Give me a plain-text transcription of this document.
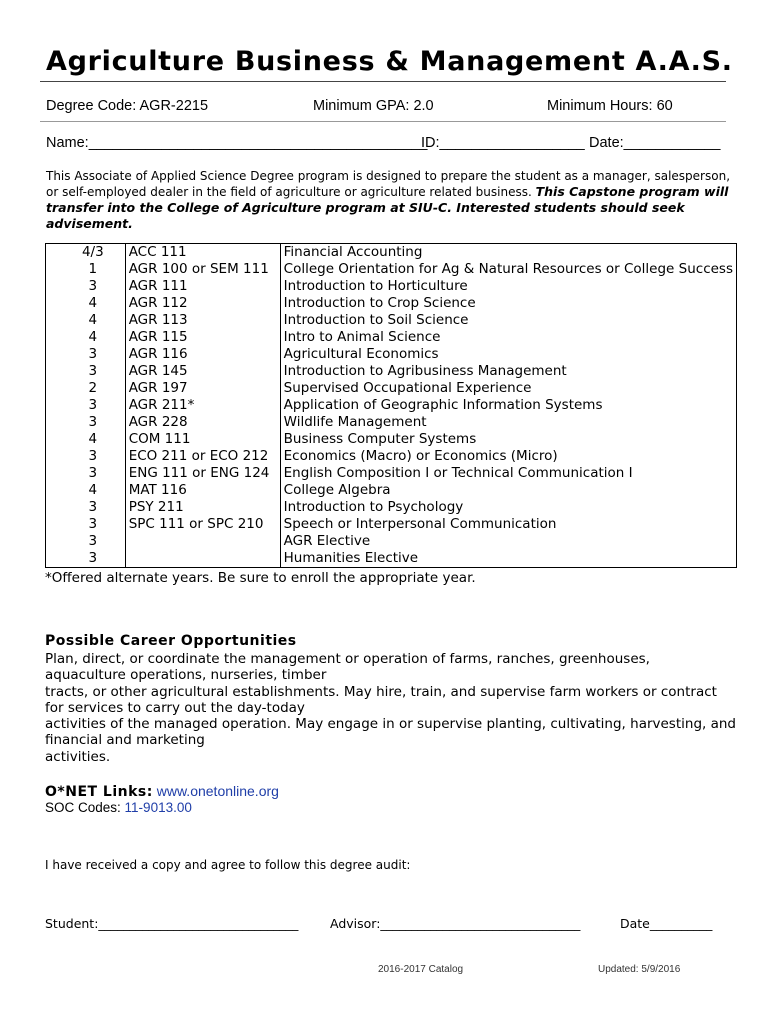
Agriculture Business & Management A.A.S.
Degree Code: AGR-2215	Minimum GPA: 2.0	Minimum Hours: 60
Name:__________________________________________
ID:__________________ Date:____________
This Associate of Applied Science Degree program is designed to prepare the student as a manager, salesperson, or self-employed dealer in the field of agriculture or agriculture related business. This Capstone program will transfer into the College of Agriculture program at SIU-C. Interested students should seek advisement.
4/3	ACC 111	Financial Accounting
1	AGR 100 or SEM 111	College Orientation for Ag & Natural Resources or College Success
3	AGR 111	Introduction to Horticulture
4	AGR 112	Introduction to Crop Science
4	AGR 113	Introduction to Soil Science
4	AGR 115	Intro to Animal Science
3	AGR 116	Agricultural Economics
3	AGR 145	Introduction to Agribusiness Management
2	AGR 197	Supervised Occupational Experience
3	AGR 211*	Application of Geographic Information Systems
3	AGR 228	Wildlife Management
4	COM 111	Business Computer Systems
3	ECO 211 or ECO 212	Economics (Macro) or Economics (Micro)
3	ENG 111 or ENG 124	English Composition I or Technical Communication I
4	MAT 116	College Algebra
3	PSY 211	Introduction to Psychology
3	SPC 111 or SPC 210	Speech or Interpersonal Communication
3		AGR Elective
3		Humanities Elective
*Offered alternate years. Be sure to enroll the appropriate year.
Possible Career Opportunities
Plan, direct, or coordinate the management or operation of farms, ranches, greenhouses,
aquaculture operations, nurseries, timber
tracts, or other agricultural establishments. May hire, train, and supervise farm workers or contract
for services to carry out the day-today
activities of the managed operation. May engage in or supervise planting, cultivating, harvesting, and
financial and marketing
activities.
O*NET Links: www.onetonline.org
SOC Codes: 11-9013.00
I have received a copy and agree to follow this degree audit:
Student:________________________________	Advisor:________________________________	Date__________
2016-2017 Catalog	Updated: 5/9/2016
